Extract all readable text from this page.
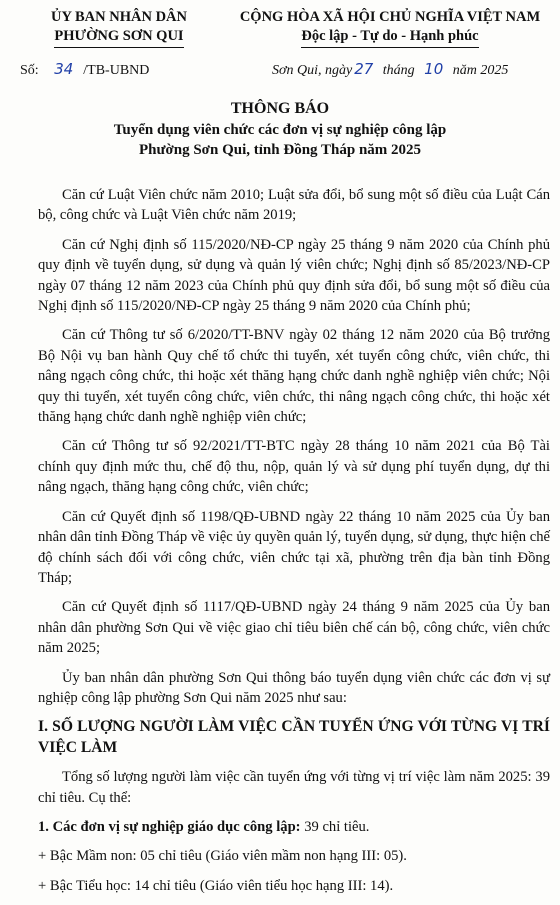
ỦY BAN NHÂN DÂN
PHƯỜNG SƠN QUI
CỘNG HÒA XÃ HỘI CHỦ NGHĨA VIỆT NAM
Độc lập - Tự do - Hạnh phúc
Số: 34 /TB-UBND	Sơn Qui, ngày 27 tháng 10 năm 2025
THÔNG BÁO
Tuyển dụng viên chức các đơn vị sự nghiệp công lập
Phường Sơn Qui, tỉnh Đồng Tháp năm 2025

Căn cứ Luật Viên chức năm 2010; Luật sửa đổi, bổ sung một số điều của Luật Cán bộ, công chức và Luật Viên chức năm 2019;

Căn cứ Nghị định số 115/2020/NĐ-CP ngày 25 tháng 9 năm 2020 của Chính phủ quy định về tuyển dụng, sử dụng và quản lý viên chức; Nghị định số 85/2023/NĐ-CP ngày 07 tháng 12 năm 2023 của Chính phủ quy định sửa đổi, bổ sung một số điều của Nghị định số 115/2020/NĐ-CP ngày 25 tháng 9 năm 2020 của Chính phủ;

Căn cứ Thông tư số 6/2020/TT-BNV ngày 02 tháng 12 năm 2020 của Bộ trưởng Bộ Nội vụ ban hành Quy chế tổ chức thi tuyển, xét tuyển công chức, viên chức, thi nâng ngạch công chức, thi hoặc xét thăng hạng chức danh nghề nghiệp viên chức; Nội quy thi tuyển, xét tuyển công chức, viên chức, thi nâng ngạch công chức, thi hoặc xét thăng hạng chức danh nghề nghiệp viên chức;

Căn cứ Thông tư số 92/2021/TT-BTC ngày 28 tháng 10 năm 2021 của Bộ Tài chính quy định mức thu, chế độ thu, nộp, quản lý và sử dụng phí tuyển dụng, dự thi nâng ngạch, thăng hạng công chức, viên chức;

Căn cứ Quyết định số 1198/QĐ-UBND ngày 22 tháng 10 năm 2025 của Ủy ban nhân dân tỉnh Đồng Tháp về việc ủy quyền quản lý, tuyển dụng, sử dụng, thực hiện chế độ chính sách đối với công chức, viên chức tại xã, phường trên địa bàn tỉnh Đồng Tháp;

Căn cứ Quyết định số 1117/QĐ-UBND ngày 24 tháng 9 năm 2025 của Ủy ban nhân dân phường Sơn Qui về việc giao chỉ tiêu biên chế cán bộ, công chức, viên chức năm 2025;

Ủy ban nhân dân phường Sơn Qui thông báo tuyển dụng viên chức các đơn vị sự nghiệp công lập phường Sơn Qui năm 2025 như sau:

I. SỐ LƯỢNG NGƯỜI LÀM VIỆC CẦN TUYỂN ỨNG VỚI TỪNG VỊ TRÍ VIỆC LÀM

Tổng số lượng người làm việc cần tuyển ứng với từng vị trí việc làm năm 2025: 39 chỉ tiêu. Cụ thể:

1. Các đơn vị sự nghiệp giáo dục công lập: 39 chỉ tiêu.

+ Bậc Mầm non: 05 chỉ tiêu (Giáo viên mầm non hạng III: 05).

+ Bậc Tiểu học: 14 chỉ tiêu (Giáo viên tiểu học hạng III: 14).
